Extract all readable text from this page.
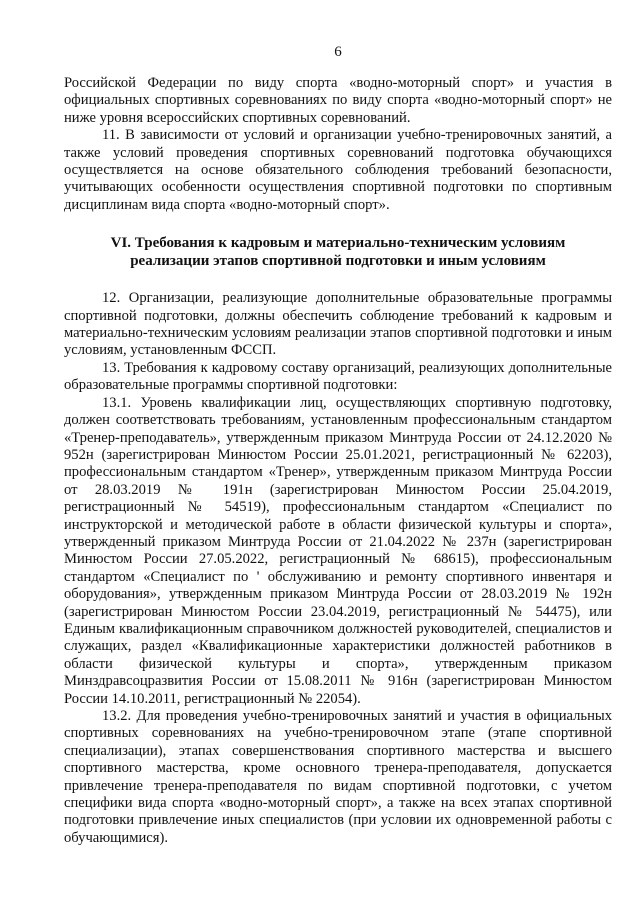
6

Российской Федерации по виду спорта «водно-моторный спорт» и участия в официальных спортивных соревнованиях по виду спорта «водно-моторный спорт» не ниже уровня всероссийских спортивных соревнований.

11. В зависимости от условий и организации учебно-тренировочных занятий, а также условий проведения спортивных соревнований подготовка обучающихся осуществляется на основе обязательного соблюдения требований безопасности, учитывающих особенности осуществления спортивной подготовки по спортивным дисциплинам вида спорта «водно-моторный спорт».

VI. Требования к кадровым и материально-техническим условиям
реализации этапов спортивной подготовки и иным условиям

12. Организации, реализующие дополнительные образовательные программы спортивной подготовки, должны обеспечить соблюдение требований к кадровым и материально-техническим условиям реализации этапов спортивной подготовки и иным условиям, установленным ФССП.

13. Требования к кадровому составу организаций, реализующих дополнительные образовательные программы спортивной подготовки:

13.1. Уровень квалификации лиц, осуществляющих спортивную подготовку, должен соответствовать требованиям, установленным профессиональным стандартом «Тренер-преподаватель», утвержденным приказом Минтруда России от 24.12.2020 № 952н (зарегистрирован Минюстом России 25.01.2021, регистрационный № 62203), профессиональным стандартом «Тренер», утвержденным приказом Минтруда России от 28.03.2019 № 191н (зарегистрирован Минюстом России 25.04.2019, регистрационный № 54519), профессиональным стандартом «Специалист по инструкторской и методической работе в области физической культуры и спорта», утвержденный приказом Минтруда России от 21.04.2022 № 237н (зарегистрирован Минюстом России 27.05.2022, регистрационный № 68615), профессиональным стандартом «Специалист по ' обслуживанию и ремонту спортивного инвентаря и оборудования», утвержденным приказом Минтруда России от 28.03.2019 № 192н (зарегистрирован Минюстом России 23.04.2019, регистрационный № 54475), или Единым квалификационным справочником должностей руководителей, специалистов и служащих, раздел «Квалификационные характеристики должностей работников в области физической культуры и спорта», утвержденным приказом Минздравсоцразвития России от 15.08.2011 № 916н (зарегистрирован Минюстом России 14.10.2011, регистрационный № 22054).

13.2. Для проведения учебно-тренировочных занятий и участия в официальных спортивных соревнованиях на учебно-тренировочном этапе (этапе спортивной специализации), этапах совершенствования спортивного мастерства и высшего спортивного мастерства, кроме основного тренера-преподавателя, допускается привлечение тренера-преподавателя по видам спортивной подготовки, с учетом специфики вида спорта «водно-моторный спорт», а также на всех этапах спортивной подготовки привлечение иных специалистов (при условии их одновременной работы с обучающимися).
